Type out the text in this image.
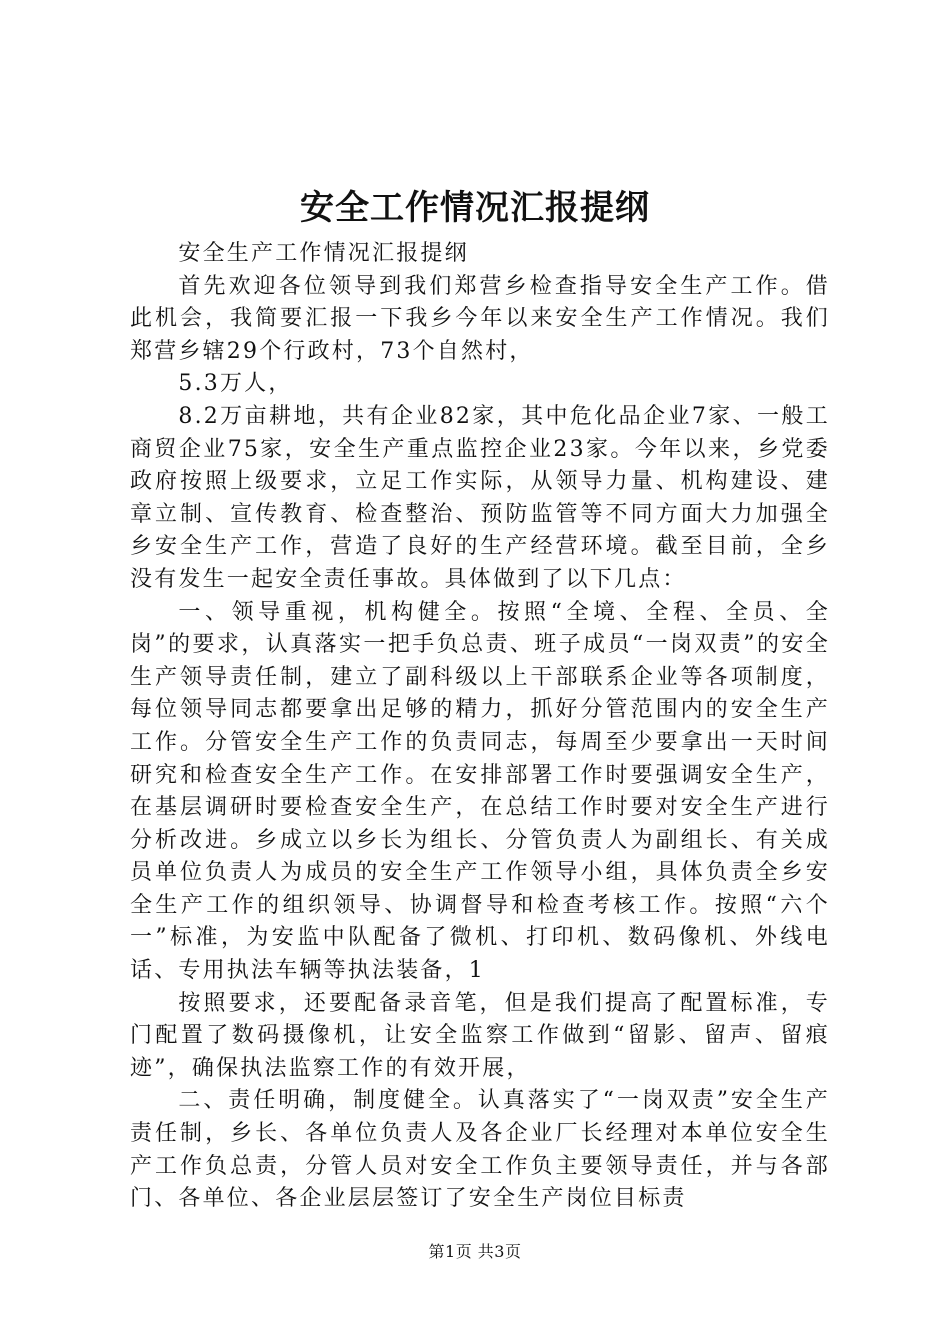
安全工作情况汇报提纲

安全生产工作情况汇报提纲

首先欢迎各位领导到我们郑营乡检查指导安全生产工作。借此机会，我简要汇报一下我乡今年以来安全生产工作情况。我们郑营乡辖29个行政村，73个自然村，

5.3万人，

8.2万亩耕地，共有企业82家，其中危化品企业7家、一般工商贸企业75家，安全生产重点监控企业23家。今年以来，乡党委政府按照上级要求，立足工作实际，从领导力量、机构建设、建章立制、宣传教育、检查整治、预防监管等不同方面大力加强全乡安全生产工作，营造了良好的生产经营环境。截至目前，全乡没有发生一起安全责任事故。具体做到了以下几点：

一、领导重视，机构健全。按照“全境、全程、全员、全岗”的要求，认真落实一把手负总责、班子成员“一岗双责”的安全生产领导责任制，建立了副科级以上干部联系企业等各项制度，每位领导同志都要拿出足够的精力，抓好分管范围内的安全生产工作。分管安全生产工作的负责同志，每周至少要拿出一天时间研究和检查安全生产工作。在安排部署工作时要强调安全生产，在基层调研时要检查安全生产，在总结工作时要对安全生产进行分析改进。乡成立以乡长为组长、分管负责人为副组长、有关成员单位负责人为成员的安全生产工作领导小组，具体负责全乡安全生产工作的组织领导、协调督导和检查考核工作。按照“六个一”标准，为安监中队配备了微机、打印机、数码像机、外线电话、专用执法车辆等执法装备，1

按照要求，还要配备录音笔，但是我们提高了配置标准，专门配置了数码摄像机，让安全监察工作做到“留影、留声、留痕迹”，确保执法监察工作的有效开展，

二、责任明确，制度健全。认真落实了“一岗双责”安全生产责任制，乡长、各单位负责人及各企业厂长经理对本单位安全生产工作负总责，分管人员对安全工作负主要领导责任，并与各部门、各单位、各企业层层签订了安全生产岗位目标责

第1页 共3页
